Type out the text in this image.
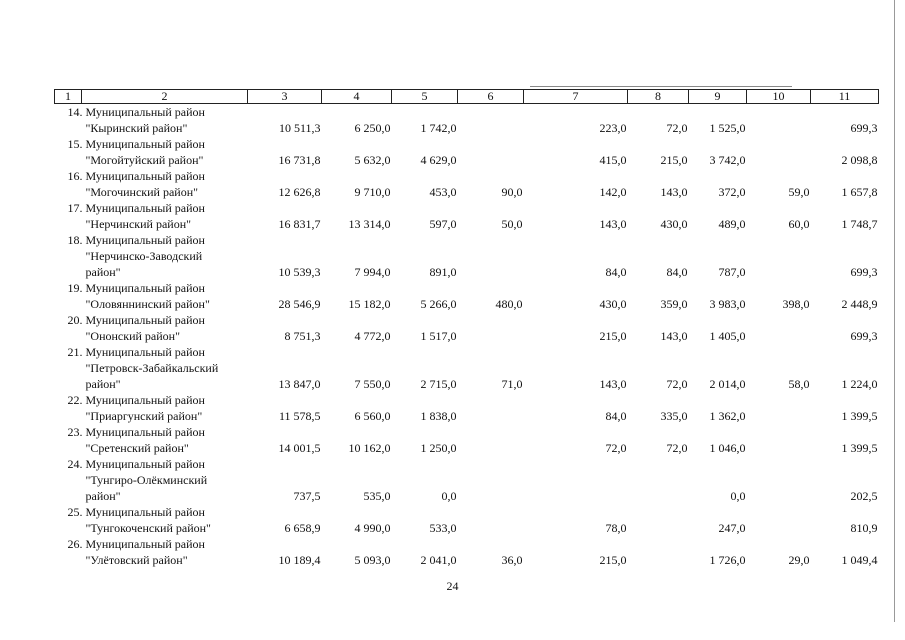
1 2	3	4	5	6	7	8	9	10	11

14. Муниципальный район
"Кыринский район"	10 511,3	6 250,0	1 742,0		223,0	72,0	1 525,0		699,3

15. Муниципальный район
"Могойтуйский район"	16 731,8	5 632,0	4 629,0		415,0	215,0	3 742,0		2 098,8

16. Муниципальный район
"Могочинский район"	12 626,8	9 710,0	453,0	90,0	142,0	143,0	372,0	59,0	1 657,8

17. Муниципальный район
"Нерчинский район"	16 831,7	13 314,0	597,0	50,0	143,0	430,0	489,0	60,0	1 748,7

18. Муниципальный район
"Нерчинско-Заводский
район"	10 539,3	7 994,0	891,0		84,0	84,0	787,0		699,3

19. Муниципальный район
"Оловяннинский район"	28 546,9	15 182,0	5 266,0	480,0	430,0	359,0	3 983,0	398,0	2 448,9

20. Муниципальный район
"Ононский район"	8 751,3	4 772,0	1 517,0		215,0	143,0	1 405,0		699,3

21. Муниципальный район
"Петровск-Забайкальский
район"	13 847,0	7 550,0	2 715,0	71,0	143,0	72,0	2 014,0	58,0	1 224,0

22. Муниципальный район
"Приаргунский район"	11 578,5	6 560,0	1 838,0		84,0	335,0	1 362,0		1 399,5

23. Муниципальный район
"Сретенский район"	14 001,5	10 162,0	1 250,0		72,0	72,0	1 046,0		1 399,5

24. Муниципальный район
"Тунгиро-Олёкминский
район"	737,5	535,0	0,0				0,0		202,5

25. Муниципальный район
"Тунгокоченский район"	6 658,9	4 990,0	533,0		78,0		247,0		810,9

26. Муниципальный район
"Улётовский район"	10 189,4	5 093,0	2 041,0	36,0	215,0		1 726,0	29,0	1 049,4
24
